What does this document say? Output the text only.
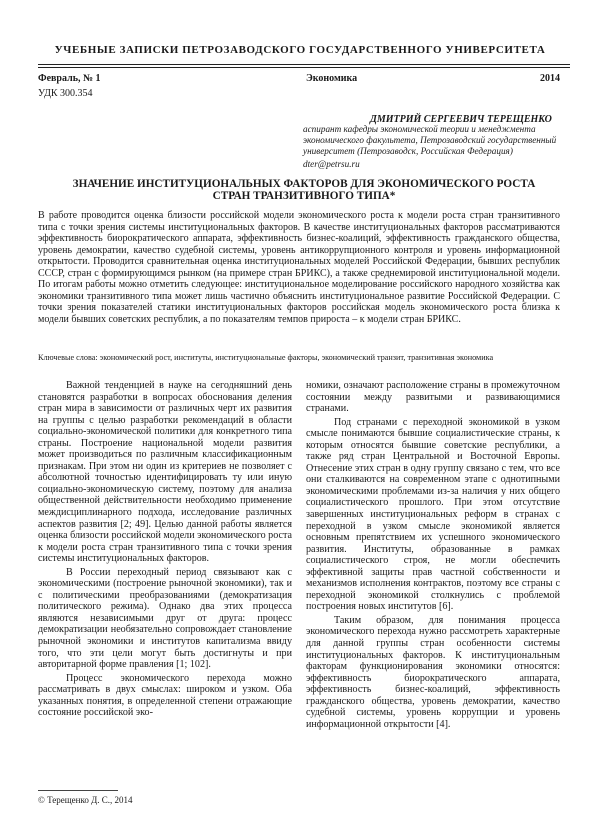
УЧЕБНЫЕ ЗАПИСКИ ПЕТРОЗАВОДСКОГО ГОСУДАРСТВЕННОГО УНИВЕРСИТЕТА
Февраль, № 1	Экономика	2014
УДК 300.354
ДМИТРИЙ СЕРГЕЕВИЧ ТЕРЕЩЕНКО
аспирант кафедры экономической теории и менеджмента экономического факультета, Петрозаводский государственный университет (Петрозаводск, Российская Федерация)
dter@petrsu.ru
ЗНАЧЕНИЕ ИНСТИТУЦИОНАЛЬНЫХ ФАКТОРОВ ДЛЯ ЭКОНОМИЧЕСКОГО РОСТА
СТРАН ТРАНЗИТИВНОГО ТИПА*

В работе проводится оценка близости российской модели экономического роста к модели роста стран транзитивного типа с точки зрения системы институциональных факторов. В качестве институциональных факторов рассматриваются эффективность биорократического аппарата, эффективность бизнес-коалиций, эффективность гражданского общества, уровень демократии, качество судебной системы, уровень антикоррупционного контроля и уровень информационной открытости. Проводится сравнительная оценка институциональных моделей Российской Федерации, бывших республик СССР, стран с формирующимся рынком (на примере стран БРИКС), а также среднемировой институциональной модели. По итогам работы можно отметить следующее: институциональное моделирование российского народного хозяйства как экономики транзитивного типа может лишь частично объяснить институциональное развитие Российской Федерации. С точки зрения показателей статики институциональных факторов российская модель экономического роста близка к модели бывших советских республик, а по показателям темпов прироста – к модели стран БРИКС.

Ключевые слова: экономический рост, институты, институциональные факторы, экономический транзит, транзитивная экономика

Важной тенденцией в науке на сегодняшний день становятся разработки в вопросах обоснования деления стран мира в зависимости от различных черт их развития на группы с целью разработки рекомендаций в области социально-экономической политики для конкретного типа страны. Построение национальной модели развития может производиться по различным классификационным признакам. При этом ни один из критериев не позволяет с абсолютной точностью идентифицировать ту или иную социально-экономическую систему, поэтому для анализа общественной действительности необходимо применение междисциплинарного подхода, исследование различных аспектов развития [2; 49]. Целью данной работы является оценка близости российской модели экономического роста к модели роста стран транзитивного типа с точки зрения системы институциональных факторов.

В России переходный период связывают как с экономическими (построение рыночной экономики), так и с политическими преобразованиями (демократизация политического режима). Однако два этих процесса являются независимыми друг от друга: процесс демократизации необязательно сопровождает становление рыночной экономики и институтов капитализма ввиду того, что эти цели могут быть достигнуты и при авторитарной форме правления [1; 102].

Процесс экономического перехода можно рассматривать в двух смыслах: широком и узком. Оба указанных понятия, в определенной степени отражающие состояние российской эко-

номики, означают расположение страны в промежуточном состоянии между развитыми и развивающимися странами.

Под странами с переходной экономикой в узком смысле понимаются бывшие социалистические страны, к которым относятся бывшие советские республики, а также ряд стран Центральной и Восточной Европы. Отнесение этих стран в одну группу связано с тем, что все они сталкиваются на современном этапе с однотипными экономическими проблемами из-за наличия у них общего социалистического прошлого. При этом отсутствие завершенных институциональных реформ в странах с переходной в узком смысле экономикой является основным препятствием их успешного экономического развития. Институты, образованные в рамках социалистического строя, не могли обеспечить эффективной защиты прав частной собственности и механизмов исполнения контрактов, поэтому все страны с переходной экономикой столкнулись с проблемой построения новых институтов [6].

Таким образом, для понимания процесса экономического перехода нужно рассмотреть характерные для данной группы стран особенности системы институциональных факторов. К институциональным факторам функционирования экономики относятся: эффективность биорократического аппарата, эффективность бизнес-коалиций, эффективность гражданского общества, уровень демократии, качество судебной системы, уровень коррупции и уровень информационной открытости [4].

© Терещенко Д. С., 2014
